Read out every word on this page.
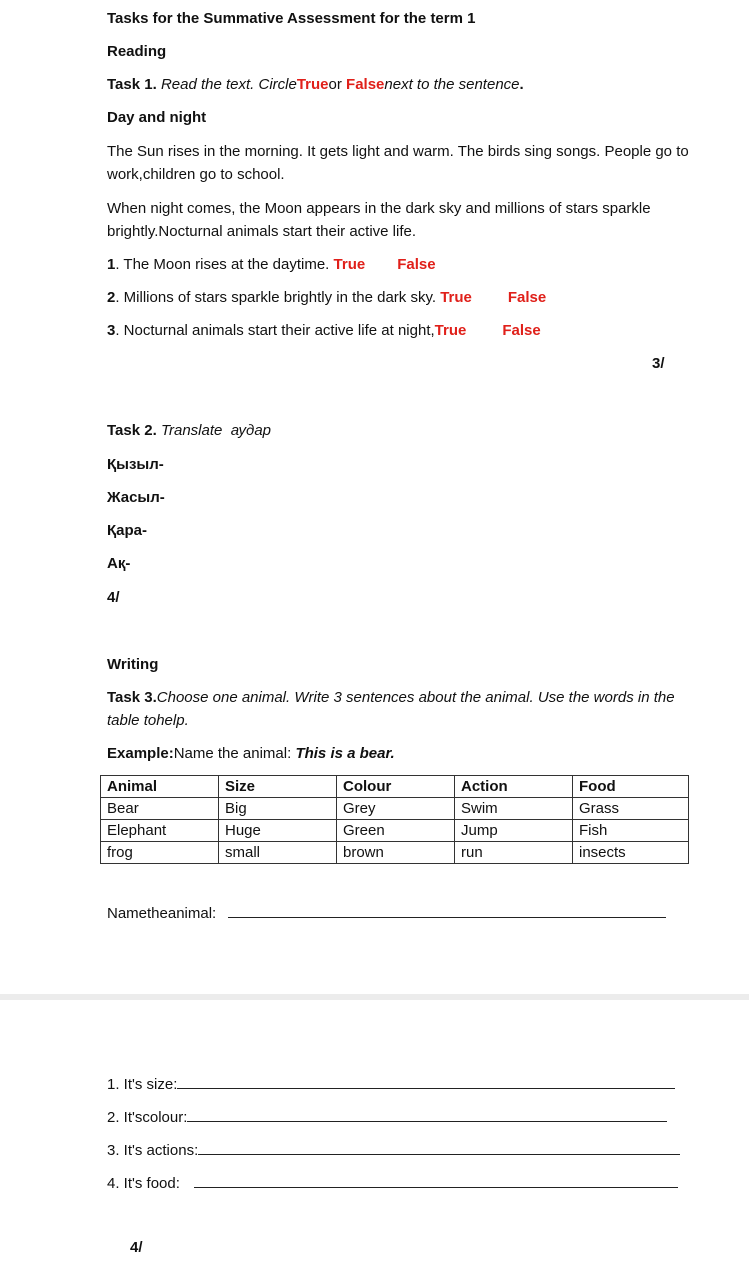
Tasks for the Summative Assessment for the term 1
Reading
Task 1. Read the text. CircleTrueor Falsenext to the sentence.
Day and night
The Sun rises in the morning. It gets light and warm. The birds sing songs. People go to work,children go to school.
When night comes, the Moon appears in the dark sky and millions of stars sparkle brightly.Nocturnal animals start their active life.
1. The Moon rises at the daytime. True False
2. Millions of stars sparkle brightly in the dark sky. True False
3. Nocturnal animals start their active life at night,True False
3/
Task 2. Translate аудар
Қызыл-
Жасыл-
Қара-
Ақ-
4/
Writing
Task 3.Choose one animal. Write 3 sentences about the animal. Use the words in the table tohelp.
Example:Name the animal: This is a bear.
Animal	Size	Colour	Action	Food
Bear	Big	Grey	Swim	Grass
Elephant	Huge	Green	Jump	Fish
frog	small	brown	run	insects
Nametheanimal:
1. It's size:
2. It'scolour:
3. It's actions:
4. It's food:
4/
